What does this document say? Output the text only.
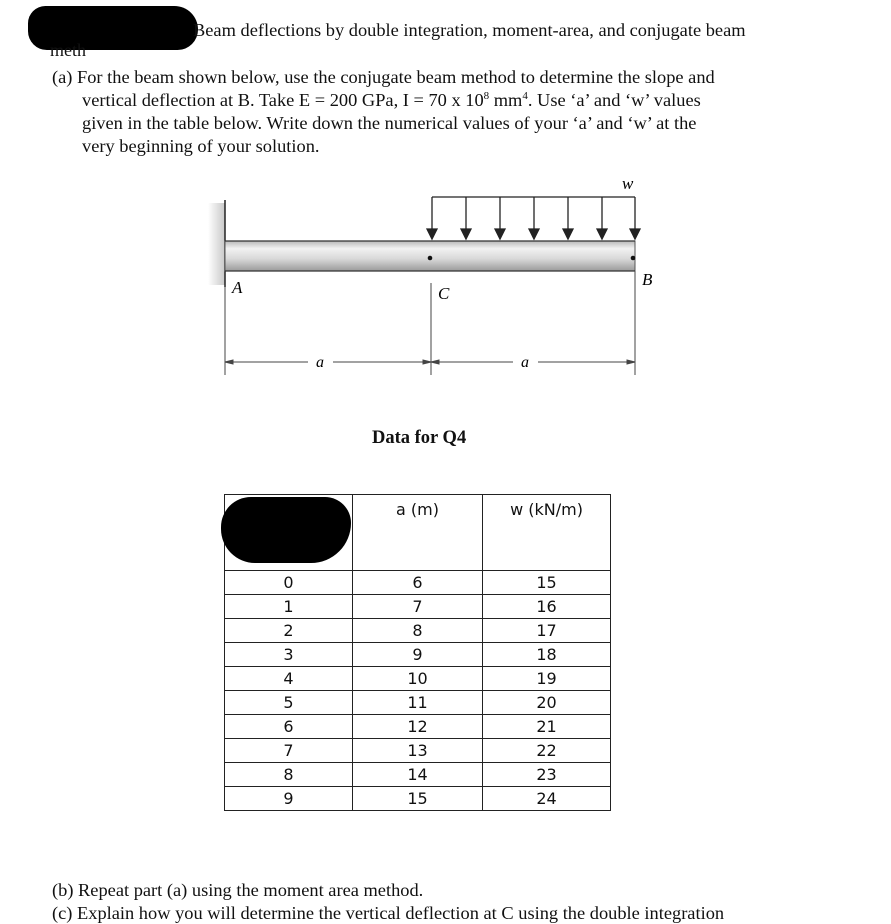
Beam deflections by double integration, moment-area, and conjugate beam
meth
(a) For the beam shown below, use the conjugate beam method to determine the slope and
vertical deflection at B. Take E = 200 GPa, I = 70 x $10^8$ $mm^4$. Use ‘a’ and ‘w’ values
given in the table below. Write down the numerical values of your ‘a’ and ‘w’ at the
very beginning of your solution.
w
A	C
B
a	a
Data for Q4
	a (m)	w (kN/m)
0	6	15
1	7	16
2	8	17
3	9	18
4	10	19
5	11	20
6	12	21
7	13	22
8	14	23
9	15	24
(b) Repeat part (a) using the moment area method.
(c) Explain how you will determine the vertical deflection at C using the double integration
